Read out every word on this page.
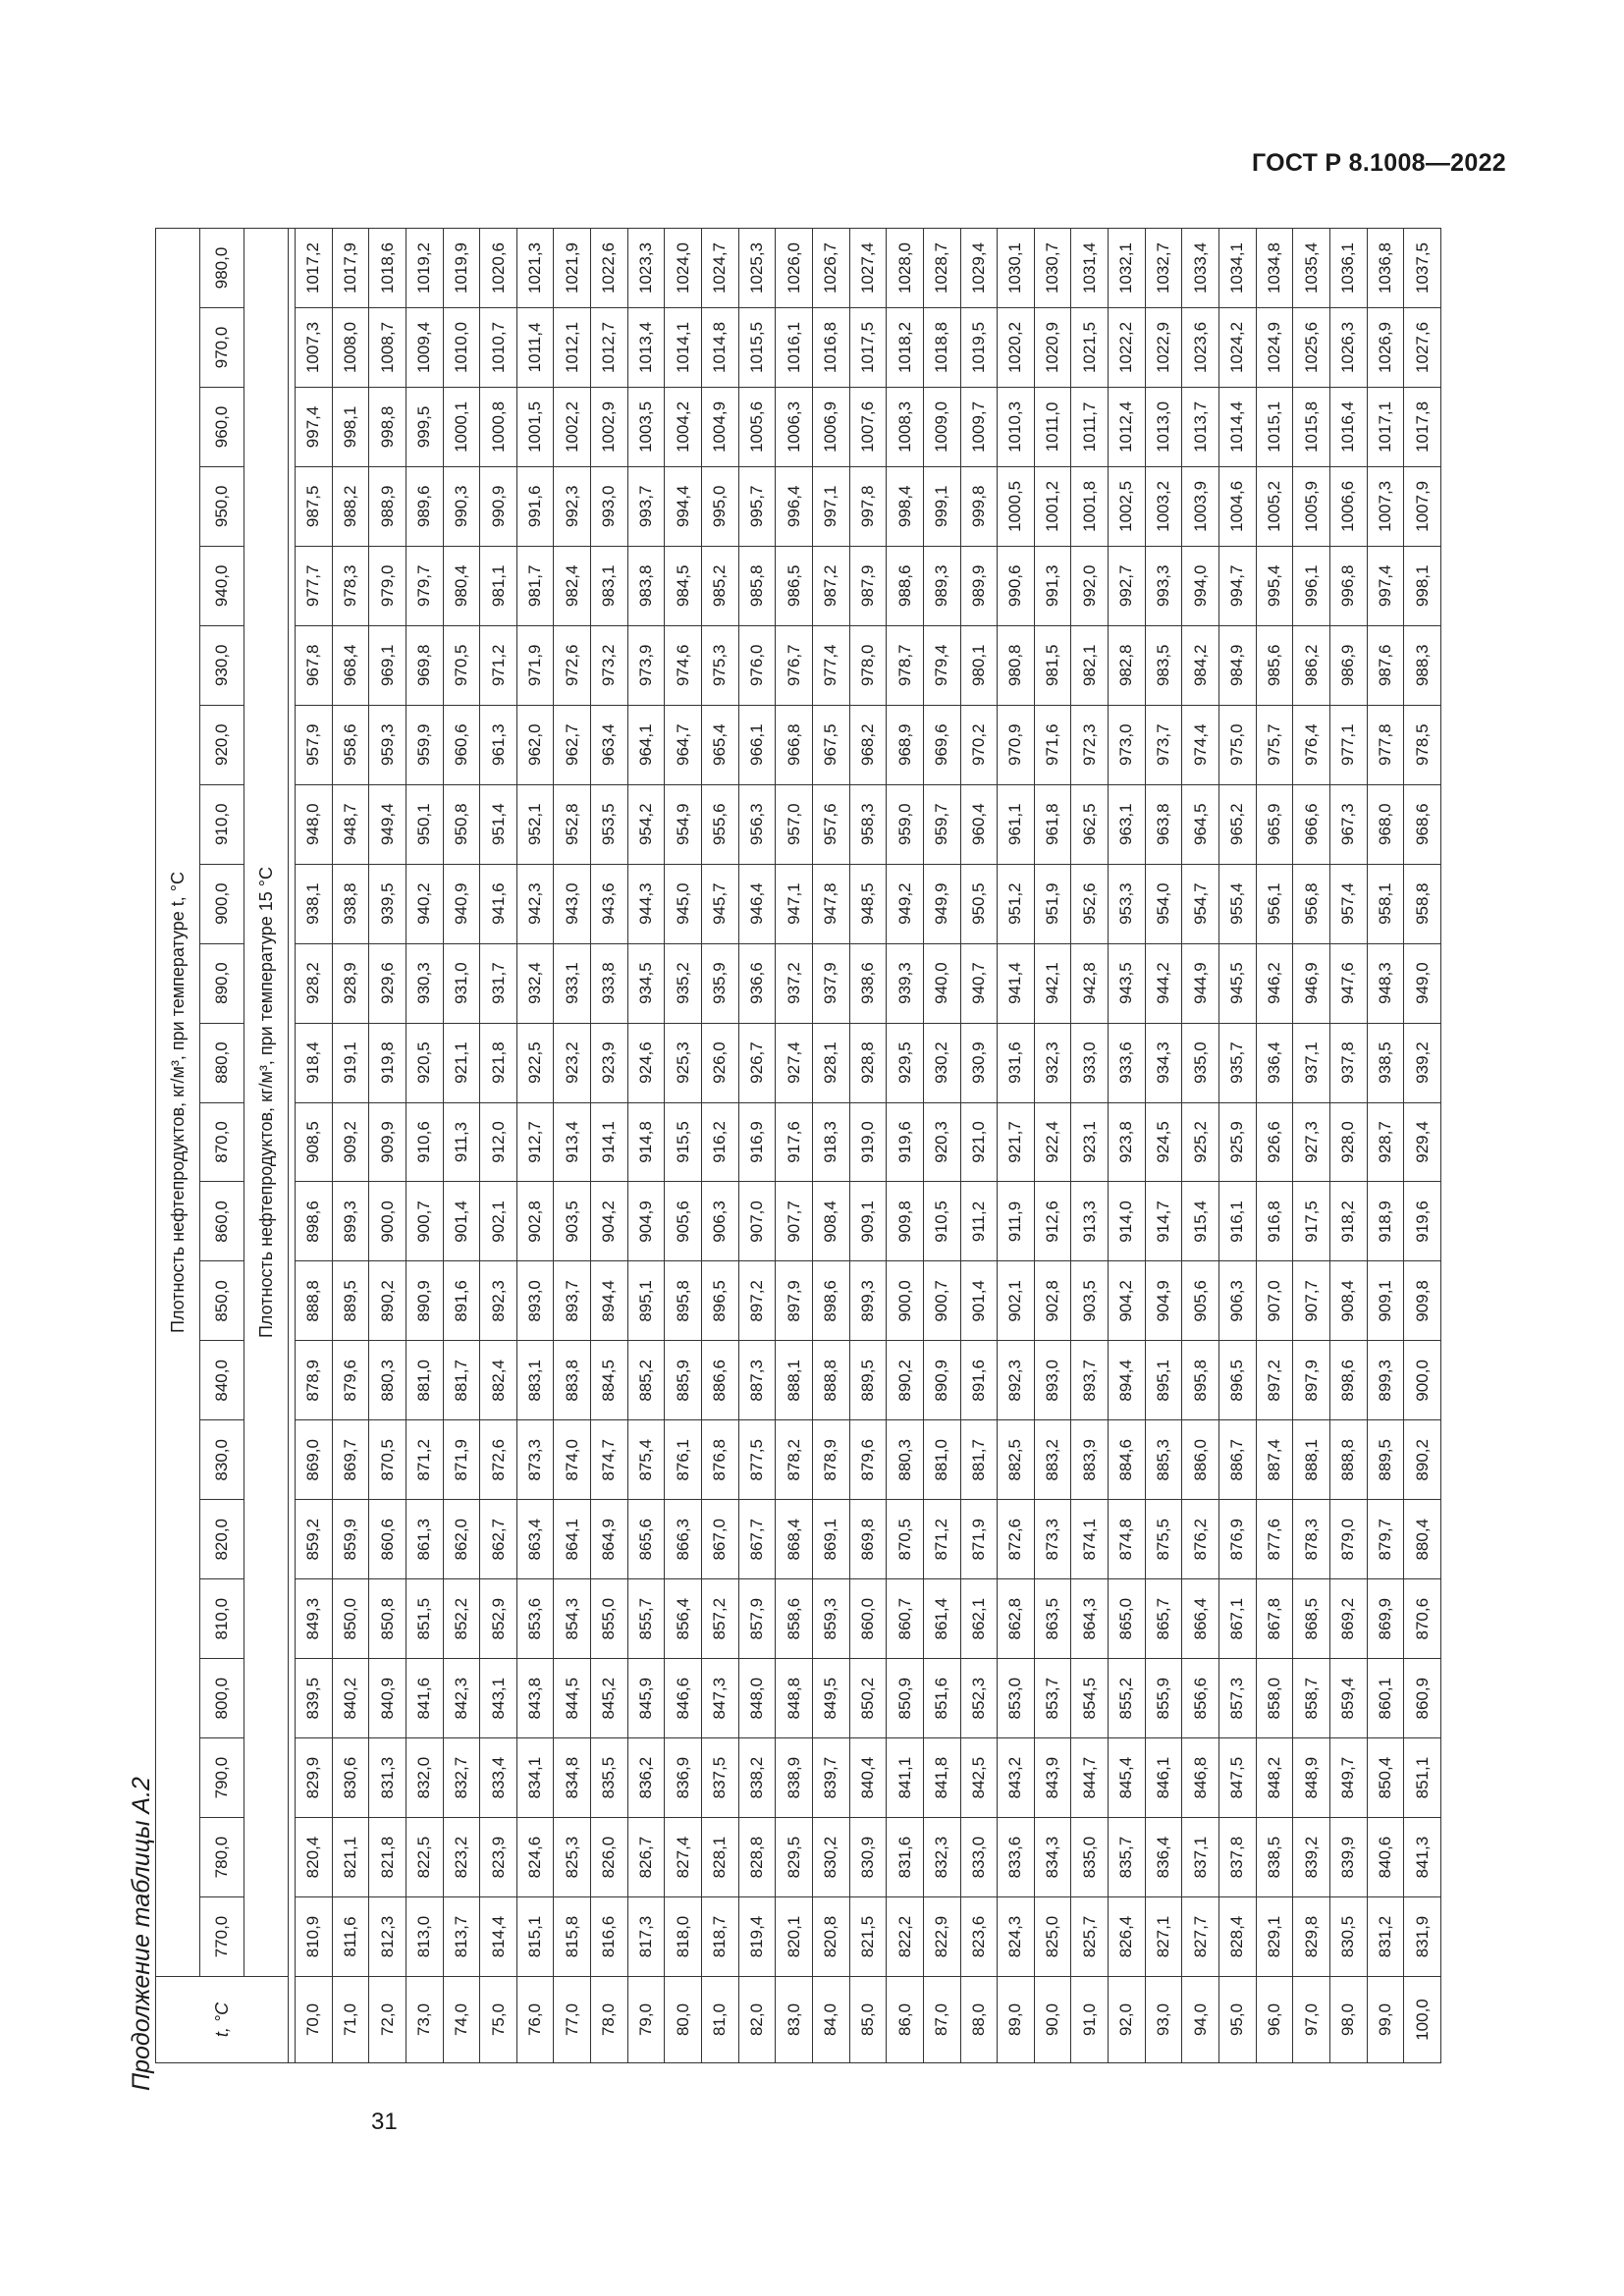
ГОСТ Р 8.1008—2022
Продолжение таблицы А.2	t, °C	Плотность нефтепродуктов, кг/м³, при температуре t, °C																					
	770,0	780,0	790,0	800,0	810,0	820,0	830,0	840,0	850,0	860,0	870,0	880,0	890,0	900,0	910,0	920,0	930,0	940,0	950,0	960,0	970,0	980,0
	Плотность нефтепродуктов, кг/м³, при температуре 15 °C																					

70,0	810,9	820,4	829,9	839,5	849,3	859,2	869,0	878,9	888,8	898,6	908,5	918,4	928,2	938,1	948,0	957,9	967,8	977,7	987,5	997,4	1007,3	1017,2
71,0	811,6	821,1	830,6	840,2	850,0	859,9	869,7	879,6	889,5	899,3	909,2	919,1	928,9	938,8	948,7	958,6	968,4	978,3	988,2	998,1	1008,0	1017,9
72,0	812,3	821,8	831,3	840,9	850,8	860,6	870,5	880,3	890,2	900,0	909,9	919,8	929,6	939,5	949,4	959,3	969,1	979,0	988,9	998,8	1008,7	1018,6
73,0	813,0	822,5	832,0	841,6	851,5	861,3	871,2	881,0	890,9	900,7	910,6	920,5	930,3	940,2	950,1	959,9	969,8	979,7	989,6	999,5	1009,4	1019,2
74,0	813,7	823,2	832,7	842,3	852,2	862,0	871,9	881,7	891,6	901,4	911,3	921,1	931,0	940,9	950,8	960,6	970,5	980,4	990,3	1000,1	1010,0	1019,9
75,0	814,4	823,9	833,4	843,1	852,9	862,7	872,6	882,4	892,3	902,1	912,0	921,8	931,7	941,6	951,4	961,3	971,2	981,1	990,9	1000,8	1010,7	1020,6
76,0	815,1	824,6	834,1	843,8	853,6	863,4	873,3	883,1	893,0	902,8	912,7	922,5	932,4	942,3	952,1	962,0	971,9	981,7	991,6	1001,5	1011,4	1021,3
77,0	815,8	825,3	834,8	844,5	854,3	864,1	874,0	883,8	893,7	903,5	913,4	923,2	933,1	943,0	952,8	962,7	972,6	982,4	992,3	1002,2	1012,1	1021,9
78,0	816,6	826,0	835,5	845,2	855,0	864,9	874,7	884,5	894,4	904,2	914,1	923,9	933,8	943,6	953,5	963,4	973,2	983,1	993,0	1002,9	1012,7	1022,6
79,0	817,3	826,7	836,2	845,9	855,7	865,6	875,4	885,2	895,1	904,9	914,8	924,6	934,5	944,3	954,2	964,1	973,9	983,8	993,7	1003,5	1013,4	1023,3
80,0	818,0	827,4	836,9	846,6	856,4	866,3	876,1	885,9	895,8	905,6	915,5	925,3	935,2	945,0	954,9	964,7	974,6	984,5	994,4	1004,2	1014,1	1024,0
81,0	818,7	828,1	837,5	847,3	857,2	867,0	876,8	886,6	896,5	906,3	916,2	926,0	935,9	945,7	955,6	965,4	975,3	985,2	995,0	1004,9	1014,8	1024,7
82,0	819,4	828,8	838,2	848,0	857,9	867,7	877,5	887,3	897,2	907,0	916,9	926,7	936,6	946,4	956,3	966,1	976,0	985,8	995,7	1005,6	1015,5	1025,3
83,0	820,1	829,5	838,9	848,8	858,6	868,4	878,2	888,1	897,9	907,7	917,6	927,4	937,2	947,1	957,0	966,8	976,7	986,5	996,4	1006,3	1016,1	1026,0
84,0	820,8	830,2	839,7	849,5	859,3	869,1	878,9	888,8	898,6	908,4	918,3	928,1	937,9	947,8	957,6	967,5	977,4	987,2	997,1	1006,9	1016,8	1026,7
85,0	821,5	830,9	840,4	850,2	860,0	869,8	879,6	889,5	899,3	909,1	919,0	928,8	938,6	948,5	958,3	968,2	978,0	987,9	997,8	1007,6	1017,5	1027,4
86,0	822,2	831,6	841,1	850,9	860,7	870,5	880,3	890,2	900,0	909,8	919,6	929,5	939,3	949,2	959,0	968,9	978,7	988,6	998,4	1008,3	1018,2	1028,0
87,0	822,9	832,3	841,8	851,6	861,4	871,2	881,0	890,9	900,7	910,5	920,3	930,2	940,0	949,9	959,7	969,6	979,4	989,3	999,1	1009,0	1018,8	1028,7
88,0	823,6	833,0	842,5	852,3	862,1	871,9	881,7	891,6	901,4	911,2	921,0	930,9	940,7	950,5	960,4	970,2	980,1	989,9	999,8	1009,7	1019,5	1029,4
89,0	824,3	833,6	843,2	853,0	862,8	872,6	882,5	892,3	902,1	911,9	921,7	931,6	941,4	951,2	961,1	970,9	980,8	990,6	1000,5	1010,3	1020,2	1030,1
90,0	825,0	834,3	843,9	853,7	863,5	873,3	883,2	893,0	902,8	912,6	922,4	932,3	942,1	951,9	961,8	971,6	981,5	991,3	1001,2	1011,0	1020,9	1030,7
91,0	825,7	835,0	844,7	854,5	864,3	874,1	883,9	893,7	903,5	913,3	923,1	933,0	942,8	952,6	962,5	972,3	982,1	992,0	1001,8	1011,7	1021,5	1031,4
92,0	826,4	835,7	845,4	855,2	865,0	874,8	884,6	894,4	904,2	914,0	923,8	933,6	943,5	953,3	963,1	973,0	982,8	992,7	1002,5	1012,4	1022,2	1032,1
93,0	827,1	836,4	846,1	855,9	865,7	875,5	885,3	895,1	904,9	914,7	924,5	934,3	944,2	954,0	963,8	973,7	983,5	993,3	1003,2	1013,0	1022,9	1032,7
94,0	827,7	837,1	846,8	856,6	866,4	876,2	886,0	895,8	905,6	915,4	925,2	935,0	944,9	954,7	964,5	974,4	984,2	994,0	1003,9	1013,7	1023,6	1033,4
95,0	828,4	837,8	847,5	857,3	867,1	876,9	886,7	896,5	906,3	916,1	925,9	935,7	945,5	955,4	965,2	975,0	984,9	994,7	1004,6	1014,4	1024,2	1034,1
96,0	829,1	838,5	848,2	858,0	867,8	877,6	887,4	897,2	907,0	916,8	926,6	936,4	946,2	956,1	965,9	975,7	985,6	995,4	1005,2	1015,1	1024,9	1034,8
97,0	829,8	839,2	848,9	858,7	868,5	878,3	888,1	897,9	907,7	917,5	927,3	937,1	946,9	956,8	966,6	976,4	986,2	996,1	1005,9	1015,8	1025,6	1035,4
98,0	830,5	839,9	849,7	859,4	869,2	879,0	888,8	898,6	908,4	918,2	928,0	937,8	947,6	957,4	967,3	977,1	986,9	996,8	1006,6	1016,4	1026,3	1036,1
99,0	831,2	840,6	850,4	860,1	869,9	879,7	889,5	899,3	909,1	918,9	928,7	938,5	948,3	958,1	968,0	977,8	987,6	997,4	1007,3	1017,1	1026,9	1036,8
100,0	831,9	841,3	851,1	860,9	870,6	880,4	890,2	900,0	909,8	919,6	929,4	939,2	949,0	958,8	968,6	978,5	988,3	998,1	1007,9	1017,8	1027,6	1037,5
31
